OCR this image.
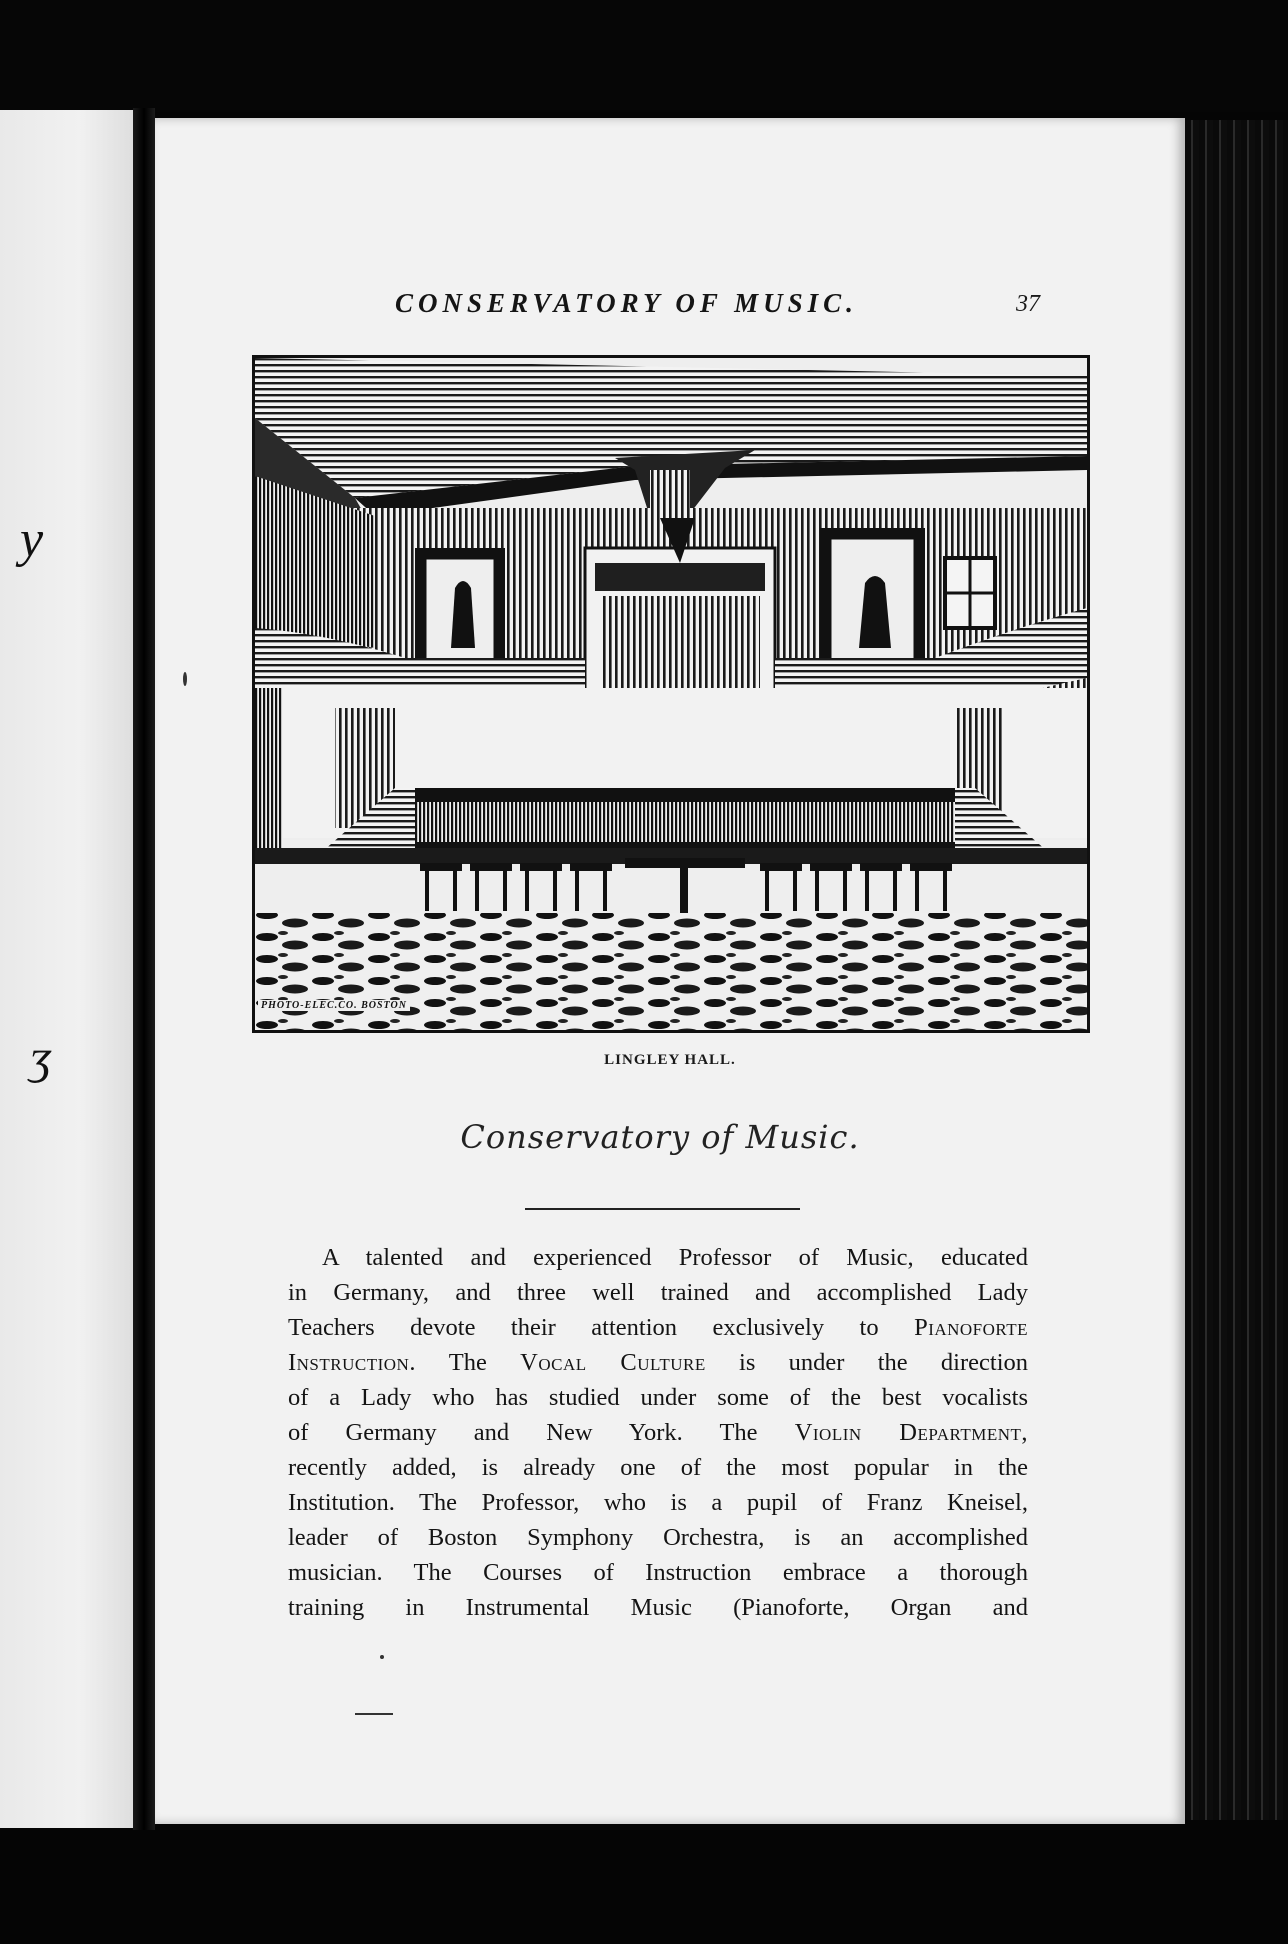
y
ʒ
CONSERVATORY OF MUSIC.	37
PHOTO-ELEC.CO. BOSTON
LINGLEY HALL.
Conservatory of Music.
A talented and experienced Professor of Music, educated
in Germany, and three well trained and accomplished Lady
Teachers devote their attention exclusively to Pianoforte
Instruction. The Vocal Culture is under the direction
of a Lady who has studied under some of the best vocalists
of Germany and New York. The Violin Department,
recently added, is already one of the most popular in the
Institution. The Professor, who is a pupil of Franz Kneisel,
leader of Boston Symphony Orchestra, is an accomplished
musician. The Courses of Instruction embrace a thorough
training in Instrumental Music (Pianoforte, Organ and
